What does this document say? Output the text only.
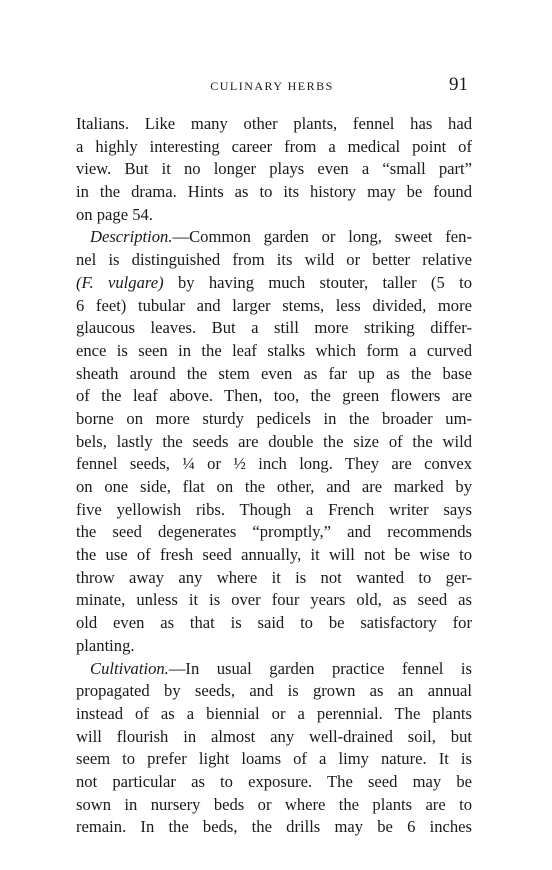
CULINARY HERBS	91
Italians. Like many other plants, fennel has had
a highly interesting career from a medical point of
view. But it no longer plays even a “small part”
in the drama. Hints as to its history may be found
on page 54.
Description.—Common garden or long, sweet fen-
nel is distinguished from its wild or better relative
(F. vulgare) by having much stouter, taller (5 to
6 feet) tubular and larger stems, less divided, more
glaucous leaves. But a still more striking differ-
ence is seen in the leaf stalks which form a curved
sheath around the stem even as far up as the base
of the leaf above. Then, too, the green flowers are
borne on more sturdy pedicels in the broader um-
bels, lastly the seeds are double the size of the wild
fennel seeds, ¼ or ½ inch long. They are convex
on one side, flat on the other, and are marked by
five yellowish ribs. Though a French writer says
the seed degenerates “promptly,” and recommends
the use of fresh seed annually, it will not be wise to
throw away any where it is not wanted to ger-
minate, unless it is over four years old, as seed as
old even as that is said to be satisfactory for
planting.
Cultivation.—In usual garden practice fennel is
propagated by seeds, and is grown as an annual
instead of as a biennial or a perennial. The plants
will flourish in almost any well-drained soil, but
seem to prefer light loams of a limy nature. It is
not particular as to exposure. The seed may be
sown in nursery beds or where the plants are to
remain. In the beds, the drills may be 6 inches
